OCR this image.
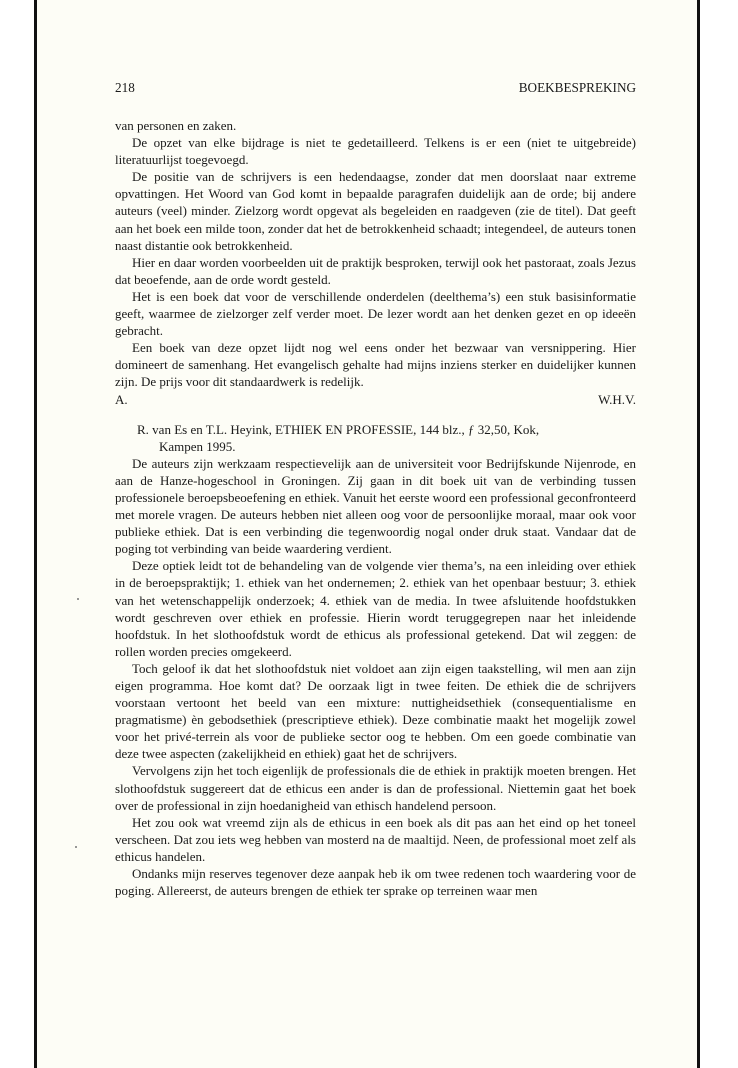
218	BOEKBESPREKING

van personen en zaken.

De opzet van elke bijdrage is niet te gedetailleerd. Telkens is er een (niet te uitgebreide) literatuurlijst toegevoegd.

De positie van de schrijvers is een hedendaagse, zonder dat men doorslaat naar extreme opvattingen. Het Woord van God komt in bepaalde paragrafen duidelijk aan de orde; bij andere auteurs (veel) minder. Zielzorg wordt opgevat als begeleiden en raadgeven (zie de titel). Dat geeft aan het boek een milde toon, zonder dat het de betrokkenheid schaadt; integendeel, de auteurs tonen naast distantie ook betrokkenheid.

Hier en daar worden voorbeelden uit de praktijk besproken, terwijl ook het pastoraat, zoals Jezus dat beoefende, aan de orde wordt gesteld.

Het is een boek dat voor de verschillende onderdelen (deelthema’s) een stuk basisinformatie geeft, waarmee de zielzorger zelf verder moet. De lezer wordt aan het denken gezet en op ideeën gebracht.

Een boek van deze opzet lijdt nog wel eens onder het bezwaar van versnippering. Hier domineert de samenhang. Het evangelisch gehalte had mijns inziens sterker en duidelijker kunnen zijn. De prijs voor dit standaardwerk is redelijk.

A.	W.H.V.
R. van Es en T.L. Heyink, ETHIEK EN PROFESSIE, 144 blz., ƒ 32,50, Kok,
Kampen 1995.

De auteurs zijn werkzaam respectievelijk aan de universiteit voor Bedrijfskunde Nijenrode, en aan de Hanze-hogeschool in Groningen. Zij gaan in dit boek uit van de verbinding tussen professionele beroepsbeoefening en ethiek. Vanuit het eerste woord een professional geconfronteerd met morele vragen. De auteurs hebben niet alleen oog voor de persoonlijke moraal, maar ook voor publieke ethiek. Dat is een verbinding die tegenwoordig nogal onder druk staat. Vandaar dat de poging tot verbinding van beide waardering verdient.

Deze optiek leidt tot de behandeling van de volgende vier thema’s, na een inleiding over ethiek in de beroepspraktijk; 1. ethiek van het ondernemen; 2. ethiek van het openbaar bestuur; 3. ethiek van het wetenschappelijk onderzoek; 4. ethiek van de media. In twee afsluitende hoofdstukken wordt geschreven over ethiek en professie. Hierin wordt teruggegrepen naar het inleidende hoofdstuk. In het slothoofdstuk wordt de ethicus als professional getekend. Dat wil zeggen: de rollen worden precies omgekeerd.

Toch geloof ik dat het slothoofdstuk niet voldoet aan zijn eigen taakstelling, wil men aan zijn eigen programma. Hoe komt dat? De oorzaak ligt in twee feiten. De ethiek die de schrijvers voorstaan vertoont het beeld van een mixture: nuttigheidsethiek (consequentialisme en pragmatisme) èn gebodsethiek (prescriptieve ethiek). Deze combinatie maakt het mogelijk zowel voor het privé-terrein als voor de publieke sector oog te hebben. Om een goede combinatie van deze twee aspecten (zakelijkheid en ethiek) gaat het de schrijvers.

Vervolgens zijn het toch eigenlijk de professionals die de ethiek in praktijk moeten brengen. Het slothoofdstuk suggereert dat de ethicus een ander is dan de professional. Niettemin gaat het boek over de professional in zijn hoedanigheid van ethisch handelend persoon.

Het zou ook wat vreemd zijn als de ethicus in een boek als dit pas aan het eind op het toneel verscheen. Dat zou iets weg hebben van mosterd na de maaltijd. Neen, de professional moet zelf als ethicus handelen.

Ondanks mijn reserves tegenover deze aanpak heb ik om twee redenen toch waardering voor de poging. Allereerst, de auteurs brengen de ethiek ter sprake op terreinen waar men
